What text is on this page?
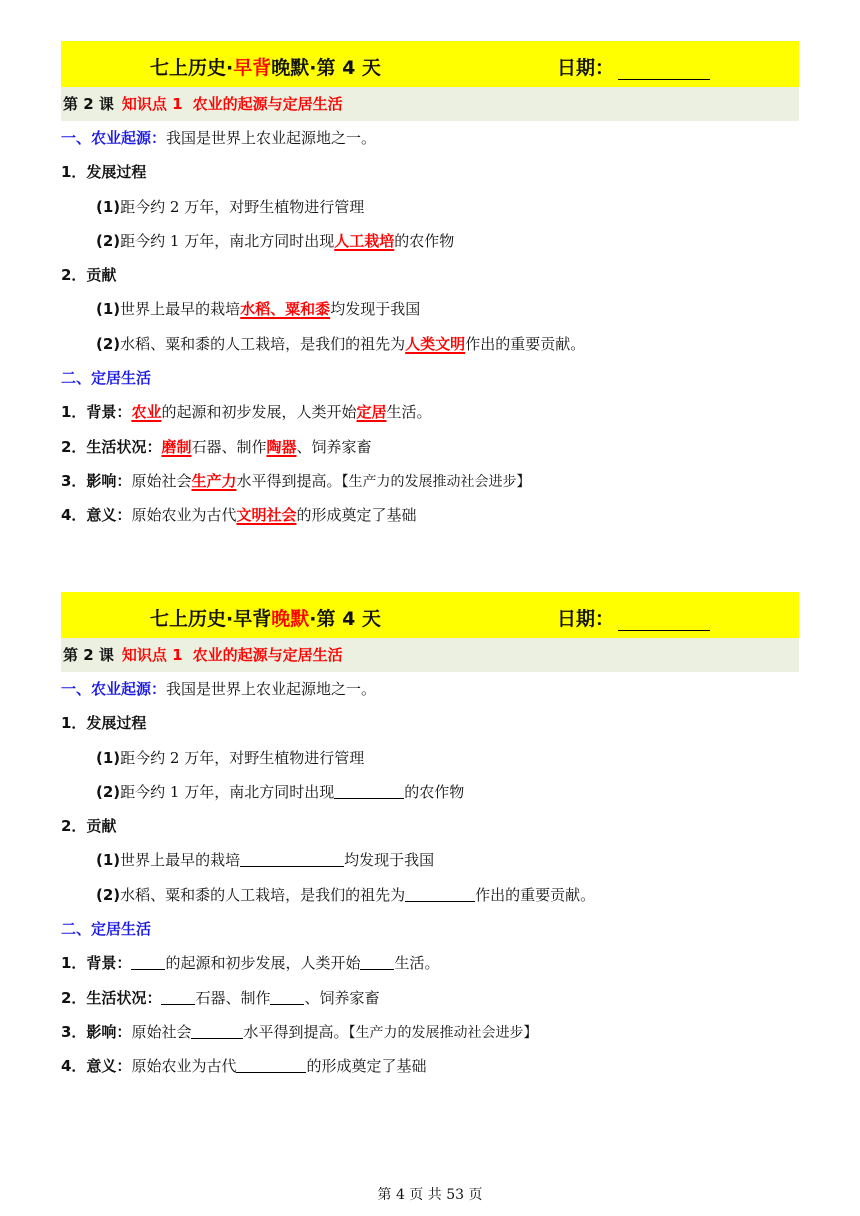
七上历史·早背晚默·第 4 天	日期：
第 2 课 知识点 1 农业的起源与定居生活
一、农业起源：我国是世界上农业起源地之一。
1．发展过程
(1)距今约 2 万年，对野生植物进行管理
(2)距今约 1 万年，南北方同时出现人工栽培的农作物
2．贡献
(1)世界上最早的栽培水稻、粟和黍均发现于我国
(2)水稻、粟和黍的人工栽培，是我们的祖先为人类文明作出的重要贡献。
二、定居生活
1．背景：农业的起源和初步发展，人类开始定居生活。
2．生活状况：磨制石器、制作陶器、饲养家畜
3．影响：原始社会生产力水平得到提高。【生产力的发展推动社会进步】
4．意义：原始农业为古代文明社会的形成奠定了基础
七上历史·早背晚默·第 4 天	日期：
第 2 课 知识点 1 农业的起源与定居生活
一、农业起源：我国是世界上农业起源地之一。
1．发展过程
(1)距今约 2 万年，对野生植物进行管理
(2)距今约 1 万年，南北方同时出现	的农作物
2．贡献
(1)世界上最早的栽培	均发现于我国
(2)水稻、粟和黍的人工栽培，是我们的祖先为	作出的重要贡献。
二、定居生活
1．背景： 的起源和初步发展，人类开始 生活。
2．生活状况： 石器、制作 、饲养家畜
3．影响：原始社会	水平得到提高。【生产力的发展推动社会进步】
4．意义：原始农业为古代	的形成奠定了基础
第 4 页 共 53 页
